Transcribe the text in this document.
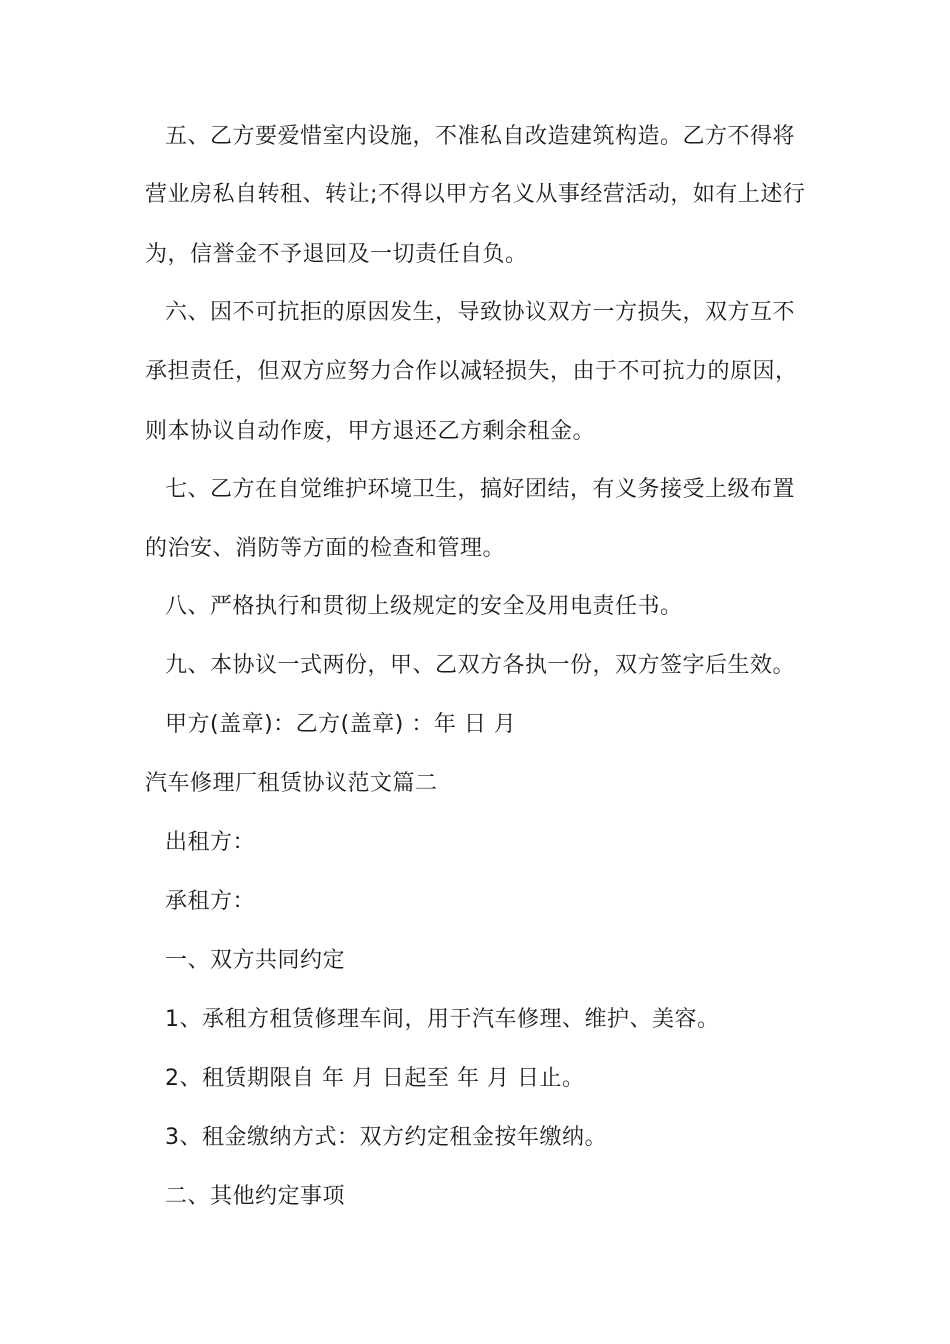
五、乙方要爱惜室内设施，不准私自改造建筑构造。乙方不得将
营业房私自转租、转让;不得以甲方名义从事经营活动，如有上述行
为，信誉金不予退回及一切责任自负。
六、因不可抗拒的原因发生，导致协议双方一方损失，双方互不
承担责任，但双方应努力合作以减轻损失，由于不可抗力的原因，
则本协议自动作废，甲方退还乙方剩余租金。
七、乙方在自觉维护环境卫生，搞好团结，有义务接受上级布置
的治安、消防等方面的检查和管理。
八、严格执行和贯彻上级规定的安全及用电责任书。
九、本协议一式两份，甲、乙双方各执一份，双方签字后生效。
甲方(盖章)：乙方(盖章) ：年 日 月
汽车修理厂租赁协议范文篇二
出租方：
承租方：
一、双方共同约定
1、承租方租赁修理车间，用于汽车修理、维护、美容。
2、租赁期限自 年 月 日起至 年 月 日止。
3、租金缴纳方式：双方约定租金按年缴纳。
二、其他约定事项
